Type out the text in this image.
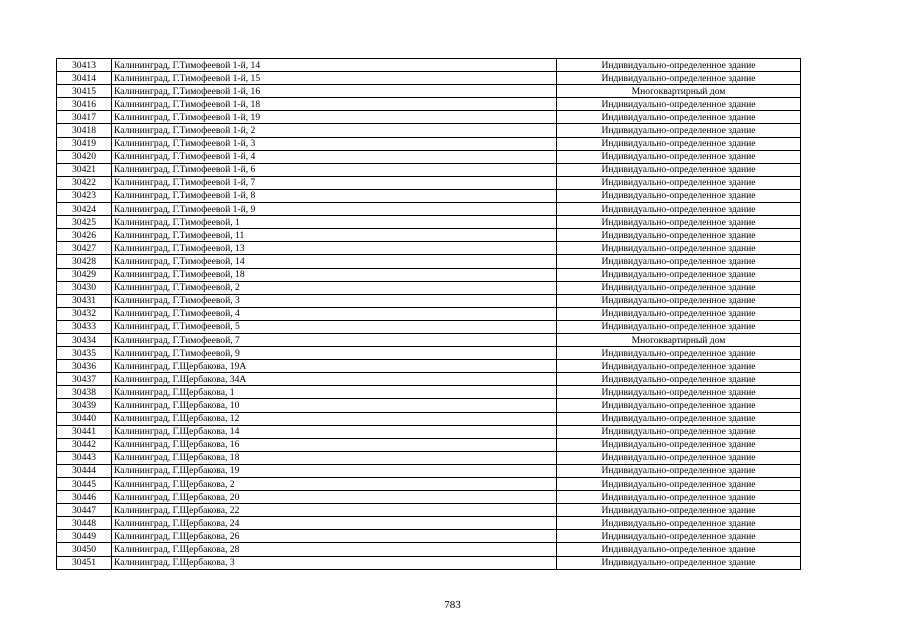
30413	Калининград, Г.Тимофеевой 1-й, 14	Индивидуально-определенное здание
30414	Калининград, Г.Тимофеевой 1-й, 15	Индивидуально-определенное здание
30415	Калининград, Г.Тимофеевой 1-й, 16	Многоквартирный дом
30416	Калининград, Г.Тимофеевой 1-й, 18	Индивидуально-определенное здание
30417	Калининград, Г.Тимофеевой 1-й, 19	Индивидуально-определенное здание
30418	Калининград, Г.Тимофеевой 1-й, 2	Индивидуально-определенное здание
30419	Калининград, Г.Тимофеевой 1-й, 3	Индивидуально-определенное здание
30420	Калининград, Г.Тимофеевой 1-й, 4	Индивидуально-определенное здание
30421	Калининград, Г.Тимофеевой 1-й, 6	Индивидуально-определенное здание
30422	Калининград, Г.Тимофеевой 1-й, 7	Индивидуально-определенное здание
30423	Калининград, Г.Тимофеевой 1-й, 8	Индивидуально-определенное здание
30424	Калининград, Г.Тимофеевой 1-й, 9	Индивидуально-определенное здание
30425	Калининград, Г.Тимофеевой, 1	Индивидуально-определенное здание
30426	Калининград, Г.Тимофеевой, 11	Индивидуально-определенное здание
30427	Калининград, Г.Тимофеевой, 13	Индивидуально-определенное здание
30428	Калининград, Г.Тимофеевой, 14	Индивидуально-определенное здание
30429	Калининград, Г.Тимофеевой, 18	Индивидуально-определенное здание
30430	Калининград, Г.Тимофеевой, 2	Индивидуально-определенное здание
30431	Калининград, Г.Тимофеевой, 3	Индивидуально-определенное здание
30432	Калининград, Г.Тимофеевой, 4	Индивидуально-определенное здание
30433	Калининград, Г.Тимофеевой, 5	Индивидуально-определенное здание
30434	Калининград, Г.Тимофеевой, 7	Многоквартирный дом
30435	Калининград, Г.Тимофеевой, 9	Индивидуально-определенное здание
30436	Калининград, Г.Щербакова, 19А	Индивидуально-определенное здание
30437	Калининград, Г.Щербакова, 34А	Индивидуально-определенное здание
30438	Калининград, Г.Щербакова, 1	Индивидуально-определенное здание
30439	Калининград, Г.Щербакова, 10	Индивидуально-определенное здание
30440	Калининград, Г.Щербакова, 12	Индивидуально-определенное здание
30441	Калининград, Г.Щербакова, 14	Индивидуально-определенное здание
30442	Калининград, Г.Щербакова, 16	Индивидуально-определенное здание
30443	Калининград, Г.Щербакова, 18	Индивидуально-определенное здание
30444	Калининград, Г.Щербакова, 19	Индивидуально-определенное здание
30445	Калининград, Г.Щербакова, 2	Индивидуально-определенное здание
30446	Калининград, Г.Щербакова, 20	Индивидуально-определенное здание
30447	Калининград, Г.Щербакова, 22	Индивидуально-определенное здание
30448	Калининград, Г.Щербакова, 24	Индивидуально-определенное здание
30449	Калининград, Г.Щербакова, 26	Индивидуально-определенное здание
30450	Калининград, Г.Щербакова, 28	Индивидуально-определенное здание
30451	Калининград, Г.Щербакова, 3	Индивидуально-определенное здание
783
